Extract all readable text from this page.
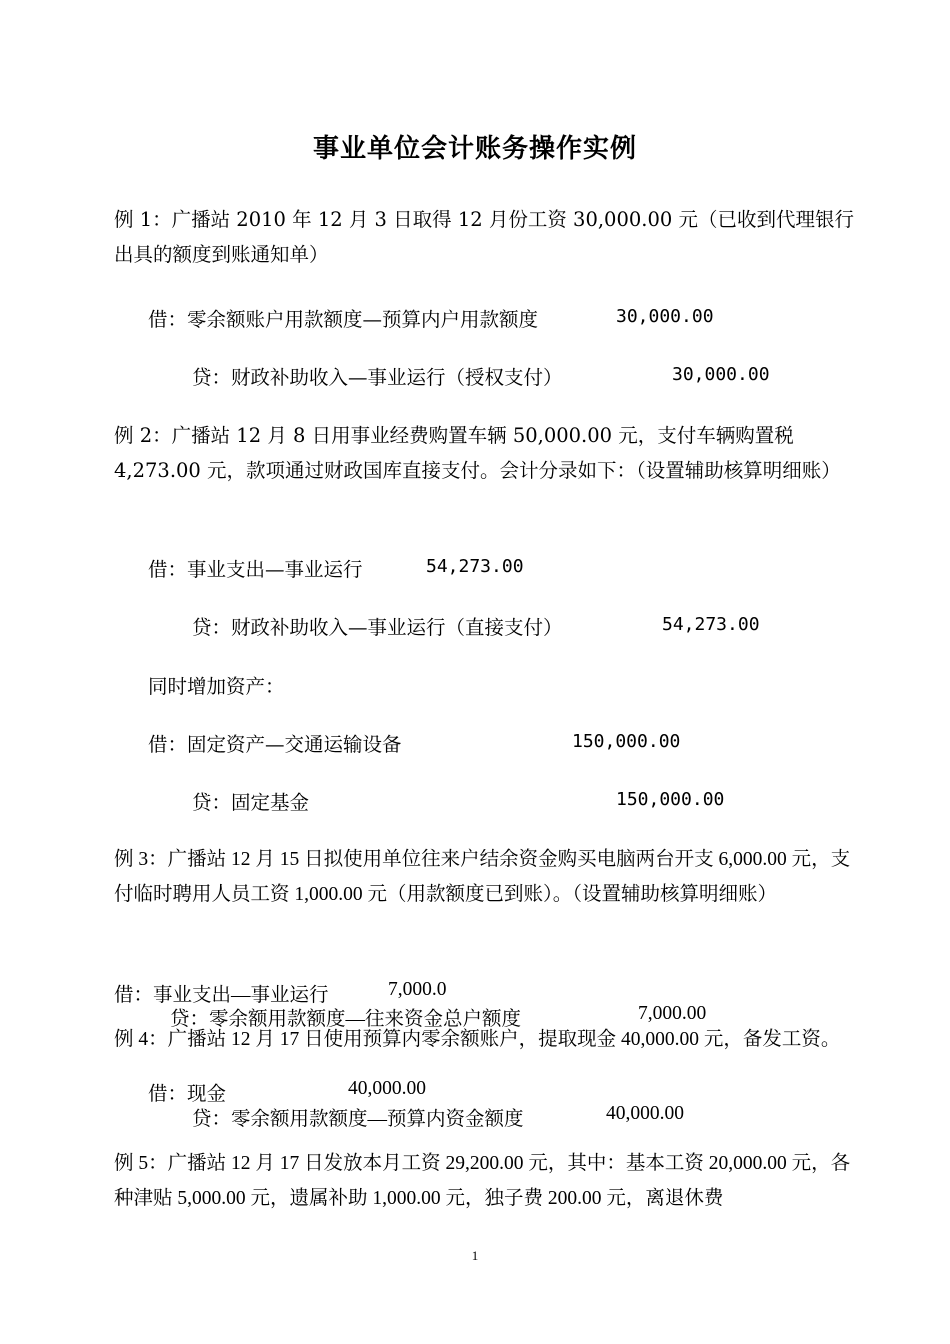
事业单位会计账务操作实例
例 1：广播站 2010 年 12 月 3 日取得 12 月份工资 30,000.00 元（已收到代理银行出具的额度到账通知单）
借：零余额账户用款额度—预算内户用款额度	30,000.00
贷：财政补助收入—事业运行（授权支付）	30,000.00
例 2：广播站 12 月 8 日用事业经费购置车辆 50,000.00 元，支付车辆购置税 4,273.00 元，款项通过财政国库直接支付。会计分录如下：（设置辅助核算明细账）
借：事业支出—事业运行	54,273.00
贷：财政补助收入—事业运行（直接支付）	54,273.00
同时增加资产：
借：固定资产—交通运输设备	150,000.00
贷：固定基金	150,000.00
例 3：广播站 12 月 15 日拟使用单位往来户结余资金购买电脑两台开支 6,000.00 元，支付临时聘用人员工资 1,000.00 元（用款额度已到账）。（设置辅助核算明细账）
借：事业支出—事业运行	7,000.0
贷：零余额用款额度—往来资金总户额度	7,000.00
例 4：广播站 12 月 17 日使用预算内零余额账户，提取现金 40,000.00 元，备发工资。
借：现金	40,000.00
贷：零余额用款额度—预算内资金额度	40,000.00
例 5：广播站 12 月 17 日发放本月工资 29,200.00 元，其中：基本工资 20,000.00 元，各种津贴 5,000.00 元，遗属补助 1,000.00 元，独子费 200.00 元，离退休费
1
